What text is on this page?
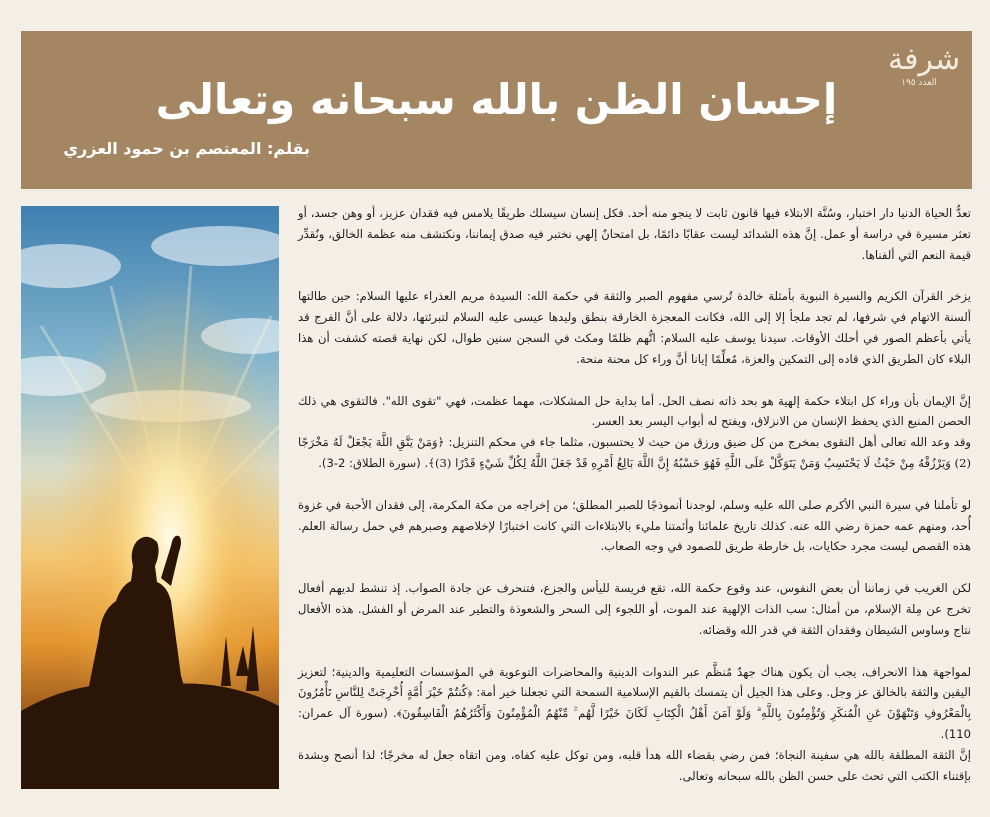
شرفة
العدد ١٩٥
إحسان الظن بالله سبحانه وتعالى
بقلم: المعتصم بن حمود العزري

تعدُّ الحياة الدنيا دار اختبار، وسُنَّة الابتلاء فيها قانون ثابت لا ينجو منه أحد. فكل إنسان سيسلك طريقًا يلامس فيه فقدان عزيز، أو وهن جسد، أو تعثر مسيرة في دراسة أو عمل. إنَّ هذه الشدائد ليست عقابًا دائمًا، بل امتحانٌ إلهي نختبر فيه صدق إيماننا، ونكتشف منه عظمة الخالق، ونُقدِّر قيمة النعم التي ألفناها.

يزخر القرآن الكريم والسيرة النبوية بأمثلة خالدة تُرسي مفهوم الصبر والثقة في حكمة الله: السيدة مريم العذراء عليها السلام: حين طالتها ألسنة الاتهام في شرفها، لم تجد ملجأ إلا إلى الله، فكانت المعجزة الخارقة بنطق وليدها عيسى عليه السلام لتبرئتها، دلالة على أنَّ الفرج قد يأتي بأعظم الصور في أحلك الأوقات. سيدنا يوسف عليه السلام: اتُّهم ظلمًا ومكث في السجن سنين طوال، لكن نهاية قصته كشفت أن هذا البلاء كان الطريق الذي قاده إلى التمكين والعزة، مُعلِّمًا إيانا أنَّ وراء كل محنة منحة.

إنَّ الإيمان بأن وراء كل ابتلاء حكمة إلهية هو بحد ذاته نصف الحل. أما بداية حل المشكلات، مهما عظمت، فهي "تقوى الله". فالتقوى هي ذلك الحصن المنيع الذي يحفظ الإنسان من الانزلاق، ويفتح له أبواب اليسر بعد العسر.

وقد وعد الله تعالى أهل التقوى بمخرج من كل ضيق ورزق من حيث لا يحتسبون، مثلما جاء في محكم التنزيل: ﴿وَمَنْ يَتَّقِ اللَّهَ يَجْعَلْ لَهُ مَخْرَجًا (2) وَيَرْزُقْهُ مِنْ حَيْثُ لَا يَحْتَسِبُ وَمَنْ يَتَوَكَّلْ عَلَى اللَّهِ فَهُوَ حَسْبُهُ إِنَّ اللَّهَ بَالِغُ أَمْرِهِ قَدْ جَعَلَ اللَّهُ لِكُلِّ شَيْءٍ قَدْرًا (3)﴾. (سورة الطلاق: 2-3).

لو تأملنا في سيرة النبي الأكرم صلى الله عليه وسلم، لوجدنا أنموذجًا للصبر المطلق؛ من إخراجه من مكة المكرمة، إلى فقدان الأحبة في غزوة أُحد، ومنهم عمه حمزة رضي الله عنه. كذلك تاريخ علمائنا وأئمتنا مليء بالابتلاءات التي كانت اختبارًا لإخلاصهم وصبرهم في حمل رسالة العلم. هذه القصص ليست مجرد حكايات، بل خارطة طريق للصمود في وجه الصعاب.

لكن الغريب في زماننا أن بعض النفوس، عند وقوع حكمة الله، تقع فريسة لليأس والجزع، فتنحرف عن جادة الصواب. إذ تنشط لديهم أفعال تخرج عن مِلة الإسلام، من أمثال: سب الذات الإلهية عند الموت، أو اللجوء إلى السحر والشعوذة والتطير عند المرض أو الفشل. هذه الأفعال نتاج وساوس الشيطان وفقدان الثقة في قدر الله وقضائه.

لمواجهة هذا الانحراف، يجب أن يكون هناك جهدٌ مُنظَّم عبر الندوات الدينية والمحاضرات التوعوية في المؤسسات التعليمية والدينية؛ لتعزيز اليقين والثقة بالخالق عز وجل. وعلى هذا الجيل أن يتمسك بالقيم الإسلامية السمحة التي تجعلنا خير أمة: ﴿كُنتُمْ خَيْرَ أُمَّةٍ أُخْرِجَتْ لِلنَّاسِ تَأْمُرُونَ بِالْمَعْرُوفِ وَتَنْهَوْنَ عَنِ الْمُنكَرِ وَتُؤْمِنُونَ بِاللَّهِ ۗ وَلَوْ آمَنَ أَهْلُ الْكِتَابِ لَكَانَ خَيْرًا لَّهُم ۚ مِّنْهُمُ الْمُؤْمِنُونَ وَأَكْثَرُهُمُ الْفَاسِقُونَ﴾. (سورة آل عمران: 110).

إنَّ الثقة المطلقة بالله هي سفينة النجاة؛ فمن رضي بقضاء الله هدأ قلبه، ومن توكل عليه كفاه، ومن اتقاه جعل له مخرجًا؛ لذا أنصح وبشدة بإقتناء الكتب التي تحث على حسن الظن بالله سبحانه وتعالى.
